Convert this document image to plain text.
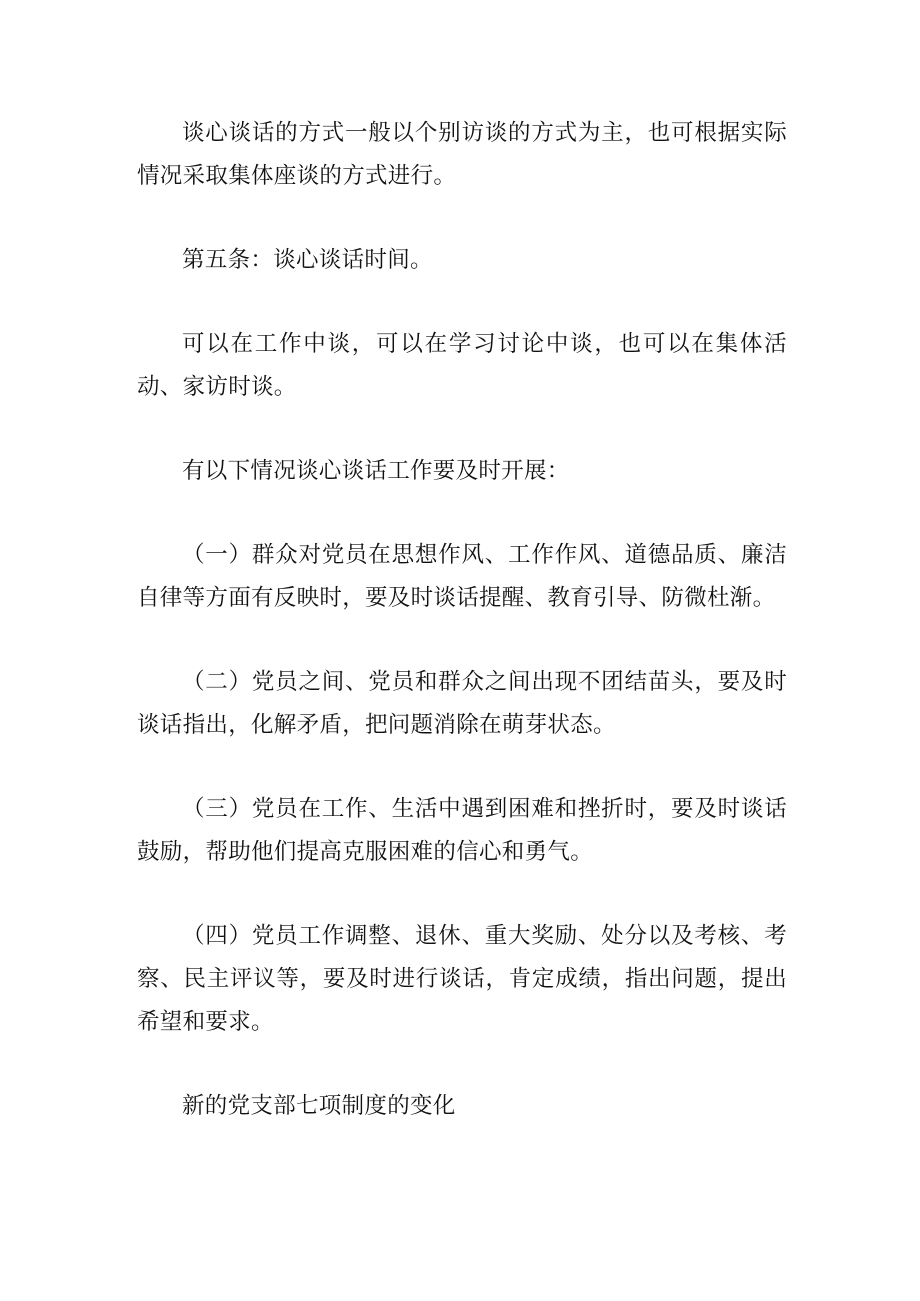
谈心谈话的方式一般以个别访谈的方式为主，也可根据实际情况采取集体座谈的方式进行。

第五条：谈心谈话时间。

可以在工作中谈，可以在学习讨论中谈，也可以在集体活动、家访时谈。

有以下情况谈心谈话工作要及时开展：

（一）群众对党员在思想作风、工作作风、道德品质、廉洁自律等方面有反映时，要及时谈话提醒、教育引导、防微杜渐。

（二）党员之间、党员和群众之间出现不团结苗头，要及时谈话指出，化解矛盾，把问题消除在萌芽状态。

（三）党员在工作、生活中遇到困难和挫折时，要及时谈话鼓励，帮助他们提高克服困难的信心和勇气。

（四）党员工作调整、退休、重大奖励、处分以及考核、考察、民主评议等，要及时进行谈话，肯定成绩，指出问题，提出希望和要求。

新的党支部七项制度的变化
